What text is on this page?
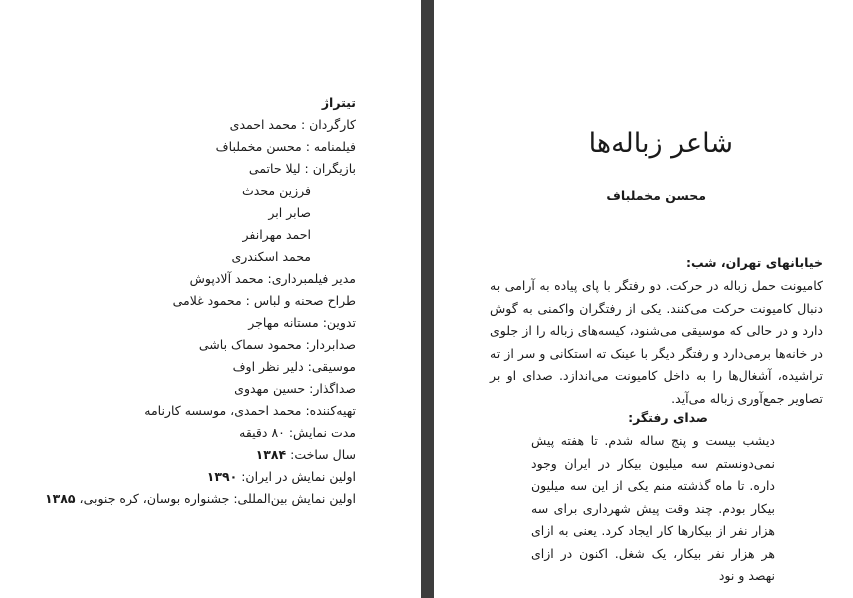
تیتراژ
کارگردان : محمد احمدی
فیلمنامه : محسن مخملباف
بازیگران : لیلا حاتمی
فرزین محدث
صابر ابر
احمد مهرانفر
محمد اسکندری
مدیر فیلمبرداری: محمد آلادپوش
طراح صحنه و لباس : محمود غلامی
تدوین: مستانه مهاجر
صدابردار: محمود سماک باشی
موسیقی: دلیر نظر اوف
صداگذار: حسین مهدوی
تهیه‌کننده: محمد احمدی، موسسه کارنامه
مدت نمایش: ۸۰ دقیقه
سال ساخت: ۱۳۸۴
اولین نمایش در ایران: ۱۳۹۰
اولین نمایش بین‌المللی: جشنواره بوسان، کره جنوبی، ۱۳۸۵
شاعر زباله‌ها
محسن مخملباف
خیابانهای تهران، شب:
کامیونت حمل زباله در حرکت. دو رفتگر با پای پیاده به آرامی به دنبال کامیونت حرکت می‌کنند. یکی از رفتگران واکمنی به گوش دارد و در حالی که موسیقی می‌شنود، کیسه‌های زباله را از جلوی در خانه‌ها برمی‌دارد و رفتگر دیگر با عینک ته استکانی و سر از ته تراشیده، آشغال‌ها را به داخل کامیونت می‌اندازد. صدای او بر تصاویر جمع‌آوری زباله می‌آید.
صدای رفتگر:
دیشب بیست و پنج ساله شدم. تا هفته پیش نمی‌دونستم سه میلیون بیکار در ایران وجود داره. تا ماه گذشته منم یکی از این سه میلیون بیکار بودم. چند وقت پیش شهرداری برای سه هزار نفر از بیکارها کار ایجاد کرد. یعنی به ازای هر هزار نفر بیکار، یک شغل. اکنون در ازای نهصد و نود
